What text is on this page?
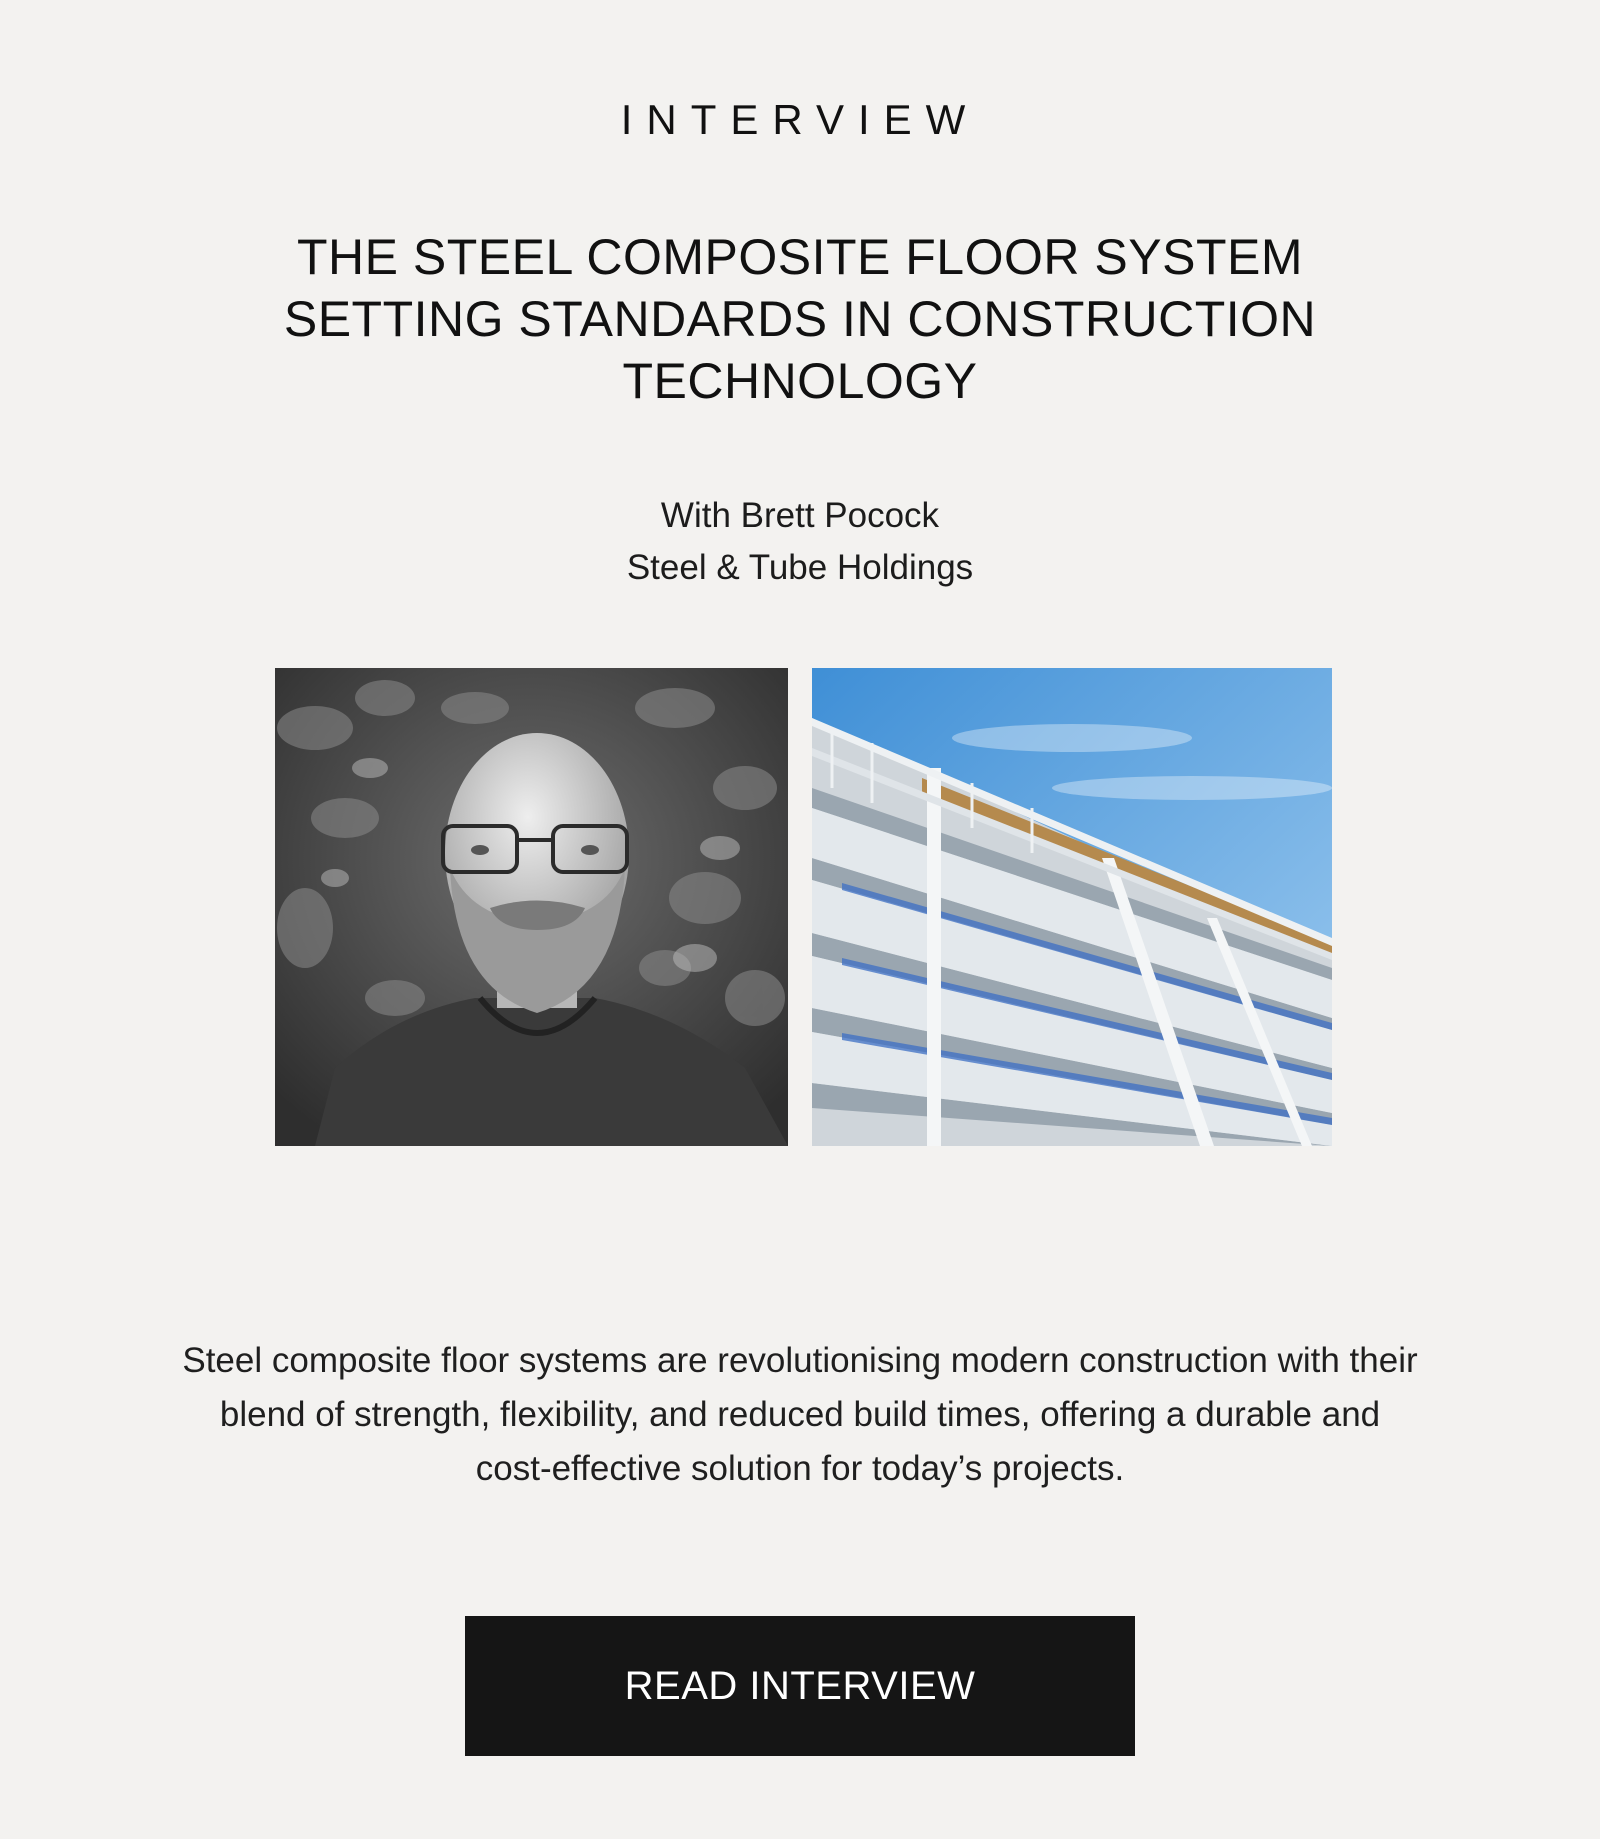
INTERVIEW
THE STEEL COMPOSITE FLOOR SYSTEM SETTING STANDARDS IN CONSTRUCTION TECHNOLOGY
With Brett Pocock
Steel & Tube Holdings

Steel composite floor systems are revolutionising modern construction with their blend of strength, flexibility, and reduced build times, offering a durable and cost-effective solution for today’s projects.

READ INTERVIEW
